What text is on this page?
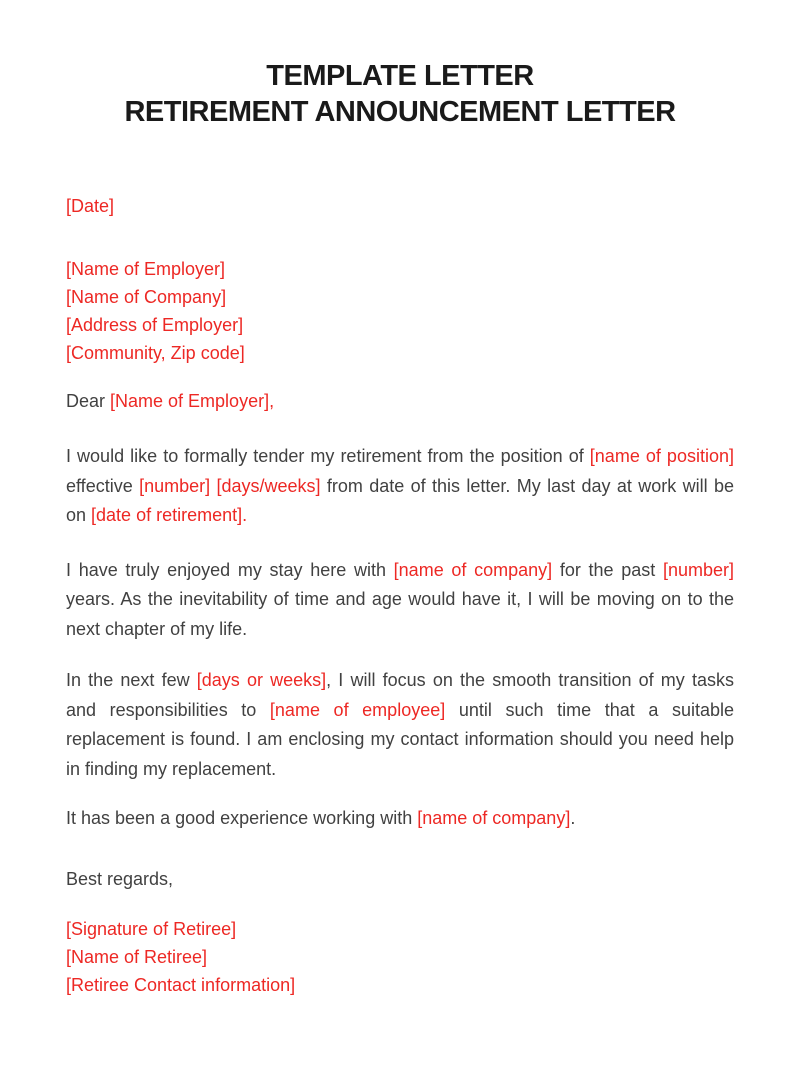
TEMPLATE LETTER
RETIREMENT ANNOUNCEMENT LETTER
[Date]
[Name of Employer]
[Name of Company]
[Address of Employer]
[Community, Zip code]
Dear [Name of Employer],
I would like to formally tender my retirement from the position of [name of position] effective [number] [days/weeks] from date of this letter. My last day at work will be on [date of retirement].
I have truly enjoyed my stay here with [name of company] for the past [number] years. As the inevitability of time and age would have it, I will be moving on to the next chapter of my life.
In the next few [days or weeks], I will focus on the smooth transition of my tasks and responsibilities to [name of employee] until such time that a suitable replacement is found. I am enclosing my contact information should you need help in finding my replacement.
It has been a good experience working with [name of company].
Best regards,
[Signature of Retiree]
[Name of Retiree]
[Retiree Contact information]
